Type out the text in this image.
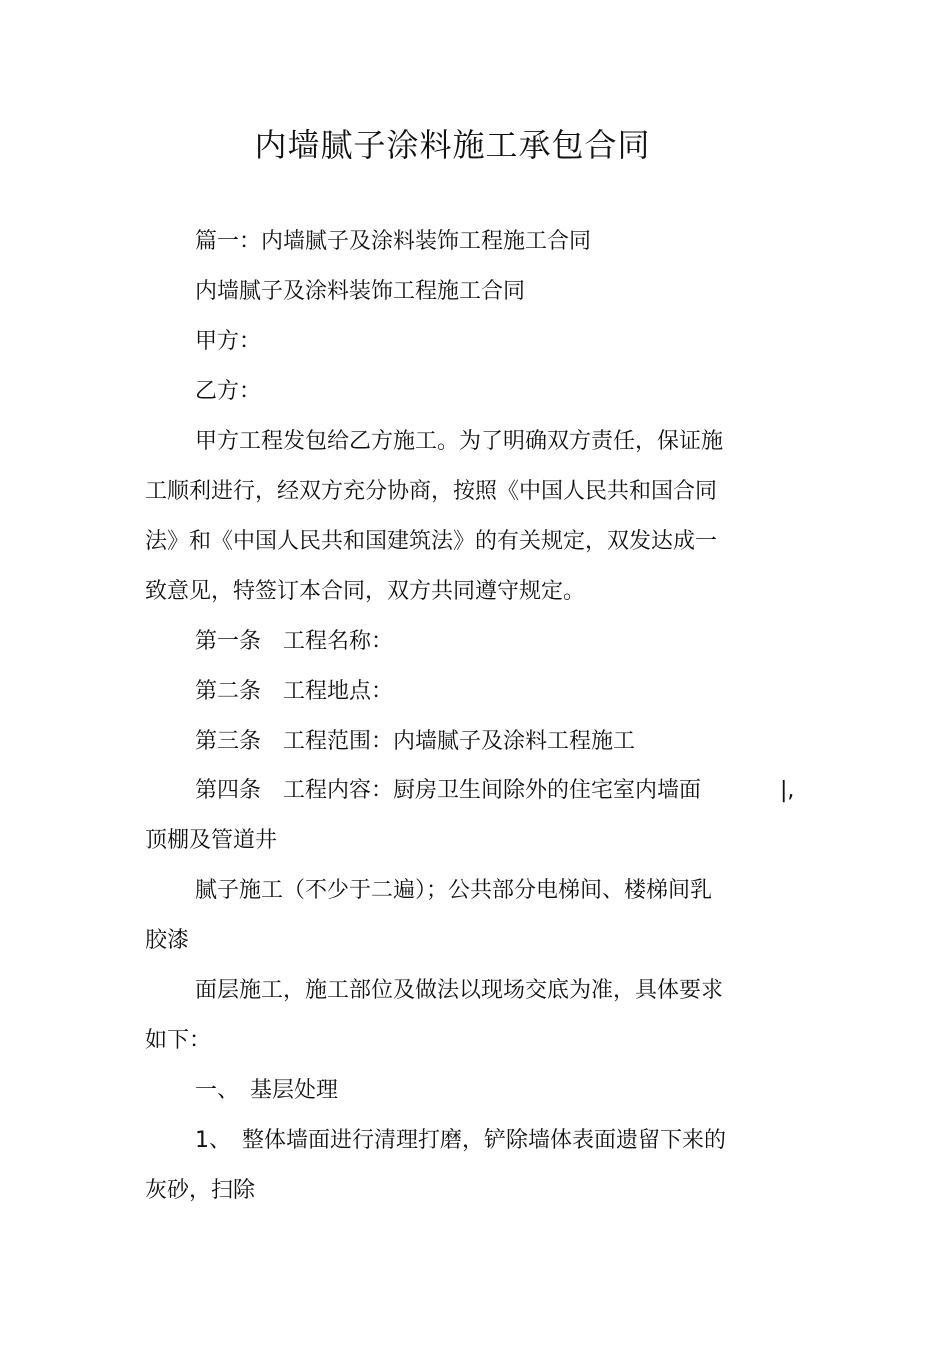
内墙腻子涂料施工承包合同
篇一：内墙腻子及涂料装饰工程施工合同
内墙腻子及涂料装饰工程施工合同
甲方：
乙方：
甲方工程发包给乙方施工。为了明确双方责任，保证施
工顺利进行，经双方充分协商，按照《中国人民共和国合同
法》和《中国人民共和国建筑法》的有关规定，双发达成一
致意见，特签订本合同，双方共同遵守规定。
第一条　工程名称：
第二条　工程地点：
第三条　工程范围：内墙腻子及涂料工程施工
第四条　工程内容：厨房卫生间除外的住宅室内墙面	|,
顶棚及管道井
腻子施工（不少于二遍）；公共部分电梯间、楼梯间乳
胶漆
面层施工，施工部位及做法以现场交底为准，具体要求
如下：
一、　基层处理
1、　整体墙面进行清理打磨，铲除墙体表面遗留下来的
灰砂，扫除
